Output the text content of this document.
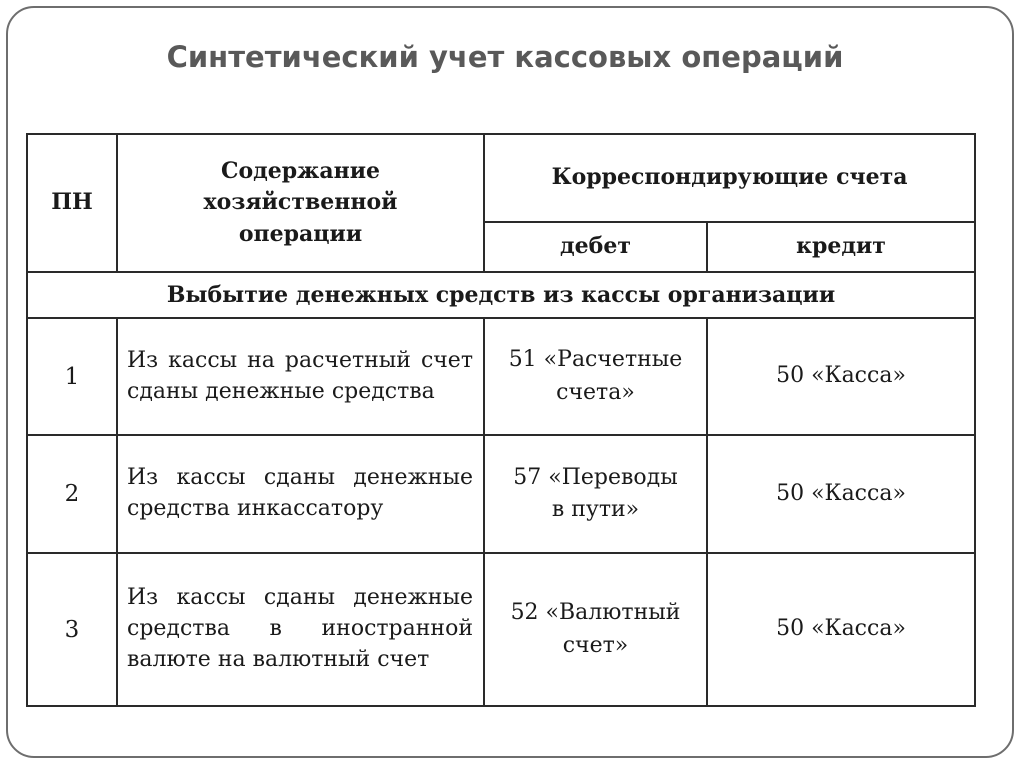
Синтетический учет кассовых операций
ПН	Содержание
хозяйственной
операции	Корреспондирующие счета	
		дебет	кредит
Выбытие денежных средств из кассы организации			
1	Из кассы на расчетный счет сданы денежные средства	51 «Расчетные
счета»	50 «Касса»
2	Из кассы сданы денежные средства инкассатору	57 «Переводы
в пути»	50 «Касса»
3	Из кассы сданы денежные средства в иностранной валюте на валютный счет	52 «Валютный
счет»	50 «Касса»
